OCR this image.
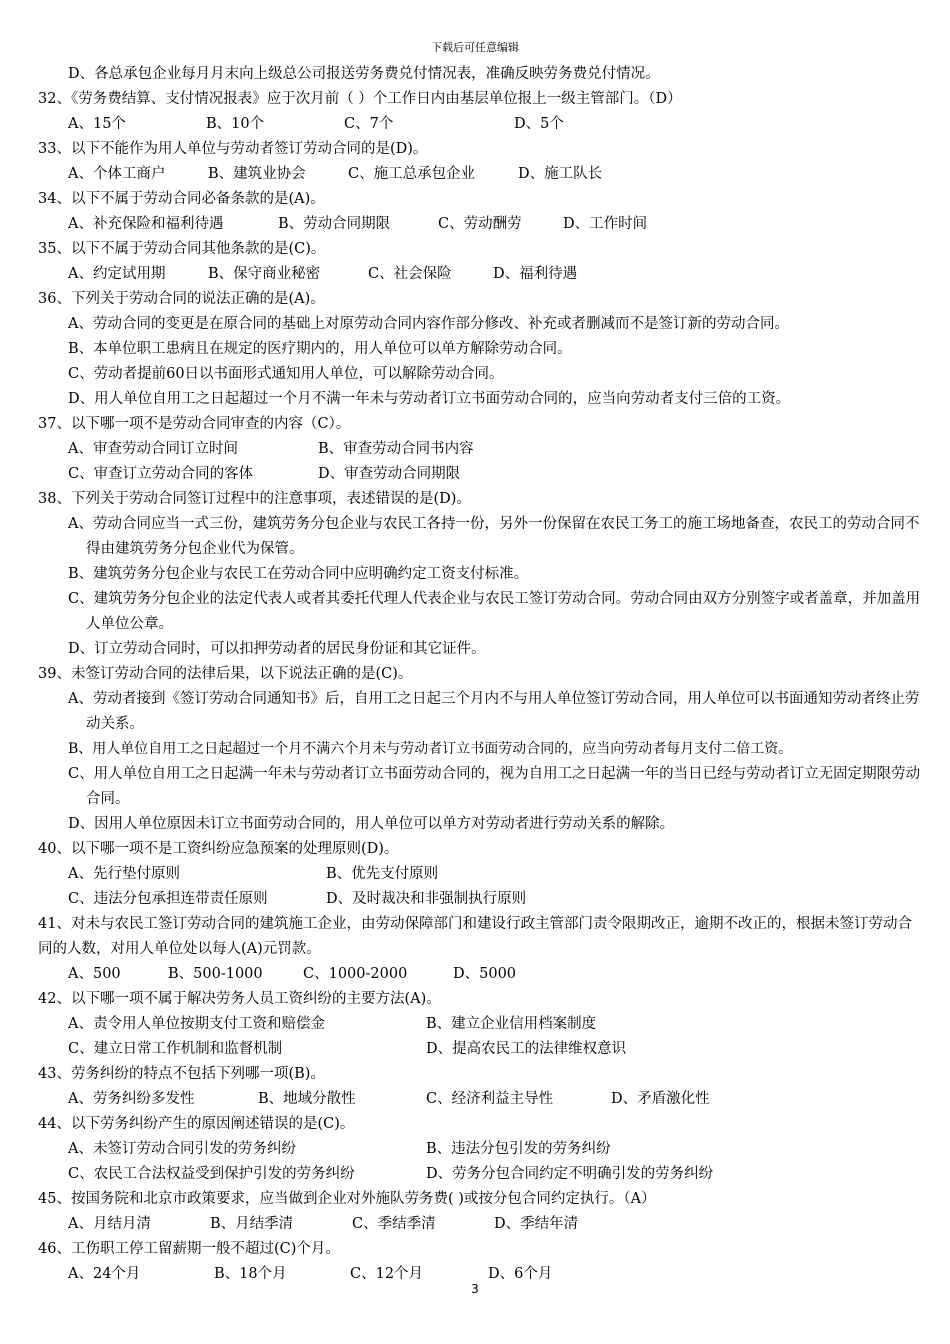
下载后可任意编辑
D、各总承包企业每月月末向上级总公司报送劳务费兑付情况表，准确反映劳务费兑付情况。
32、《劳务费结算、支付情况报表》应于次月前（ ）个工作日内由基层单位报上一级主管部门。（D）
A、15个	B、10个	C、7个	D、5个
33、以下不能作为用人单位与劳动者签订劳动合同的是(D)。
A、个体工商户	B、建筑业协会	C、施工总承包企业	D、施工队长
34、以下不属于劳动合同必备条款的是(A)。
A、补充保险和福利待遇	B、劳动合同期限	C、劳动酬劳	D、工作时间
35、以下不属于劳动合同其他条款的是(C)。
A、约定试用期	B、保守商业秘密	C、社会保险	D、福利待遇
36、下列关于劳动合同的说法正确的是(A)。
A、劳动合同的变更是在原合同的基础上对原劳动合同内容作部分修改、补充或者删减而不是签订新的劳动合同。
B、本单位职工患病且在规定的医疗期内的，用人单位可以单方解除劳动合同。
C、劳动者提前60日以书面形式通知用人单位，可以解除劳动合同。
D、用人单位自用工之日起超过一个月不满一年未与劳动者订立书面劳动合同的，应当向劳动者支付三倍的工资。
37、以下哪一项不是劳动合同审查的内容（C）。
A、审查劳动合同订立时间	B、审查劳动合同书内容
C、审查订立劳动合同的客体	D、审查劳动合同期限
38、下列关于劳动合同签订过程中的注意事项，表述错误的是(D)。
A、劳动合同应当一式三份，建筑劳务分包企业与农民工各持一份，另外一份保留在农民工务工的施工场地备查，农民工的劳动合同不得由建筑劳务分包企业代为保管。
B、建筑劳务分包企业与农民工在劳动合同中应明确约定工资支付标准。
C、建筑劳务分包企业的法定代表人或者其委托代理人代表企业与农民工签订劳动合同。劳动合同由双方分别签字或者盖章，并加盖用人单位公章。
D、订立劳动合同时，可以扣押劳动者的居民身份证和其它证件。
39、未签订劳动合同的法律后果，以下说法正确的是(C)。
A、劳动者接到《签订劳动合同通知书》后，自用工之日起三个月内不与用人单位签订劳动合同，用人单位可以书面通知劳动者终止劳动关系。
B、用人单位自用工之日起超过一个月不满六个月未与劳动者订立书面劳动合同的，应当向劳动者每月支付二倍工资。
C、用人单位自用工之日起满一年未与劳动者订立书面劳动合同的，视为自用工之日起满一年的当日已经与劳动者订立无固定期限劳动合同。
D、因用人单位原因未订立书面劳动合同的，用人单位可以单方对劳动者进行劳动关系的解除。
40、以下哪一项不是工资纠纷应急预案的处理原则(D)。
A、先行垫付原则	B、优先支付原则
C、违法分包承担连带责任原则	D、及时裁决和非强制执行原则
41、对未与农民工签订劳动合同的建筑施工企业，由劳动保障部门和建设行政主管部门责令限期改正，逾期不改正的，根据未签订劳动合同的人数，对用人单位处以每人(A)元罚款。
A、500	B、500-1000	C、1000-2000	D、5000
42、以下哪一项不属于解决劳务人员工资纠纷的主要方法(A)。
A、责令用人单位按期支付工资和赔偿金	B、建立企业信用档案制度
C、建立日常工作机制和监督机制	D、提高农民工的法律维权意识
43、劳务纠纷的特点不包括下列哪一项(B)。
A、劳务纠纷多发性	B、地域分散性	C、经济利益主导性	D、矛盾激化性
44、以下劳务纠纷产生的原因阐述错误的是(C)。
A、未签订劳动合同引发的劳务纠纷	B、违法分包引发的劳务纠纷
C、农民工合法权益受到保护引发的劳务纠纷	D、劳务分包合同约定不明确引发的劳务纠纷
45、按国务院和北京市政策要求，应当做到企业对外施队劳务费( )或按分包合同约定执行。（A）
A、月结月清	B、月结季清	C、季结季清	D、季结年清
46、工伤职工停工留薪期一般不超过(C)个月。
A、24个月	B、18个月	C、12个月	D、6个月
3
